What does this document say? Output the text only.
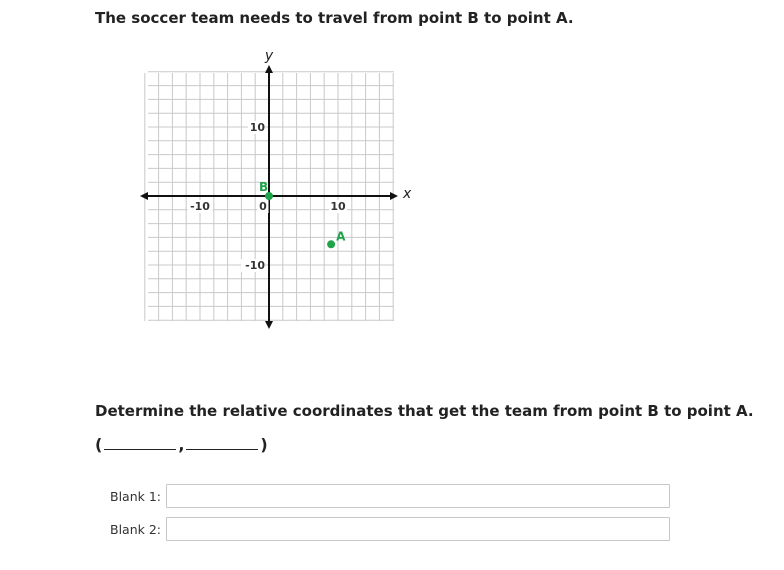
The soccer team needs to travel from point B to point A.

y
-10	0	10
10
-10
B
A

Determine the relative coordinates that get the team from point B to point A.

(	,	)
Blank 1:
Blank 2:
x
